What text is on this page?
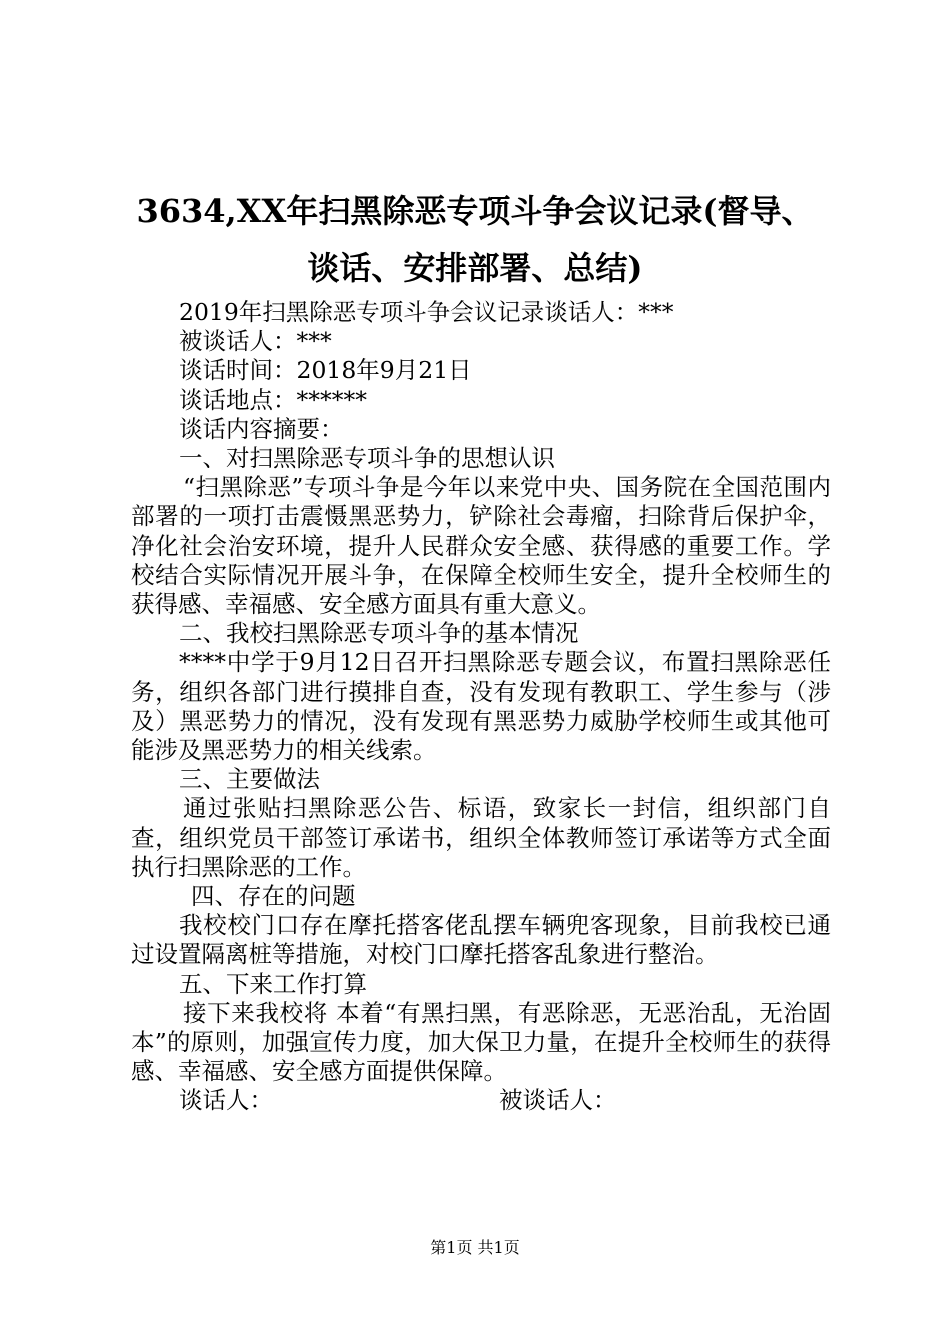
3634,XX年扫黑除恶专项斗争会议记录(督导、
谈话、安排部署、总结)
2019年扫黑除恶专项斗争会议记录谈话人：***
被谈话人：***
谈话时间：2018年9月21日
谈话地点：******
谈话内容摘要：
一、对扫黑除恶专项斗争的思想认识
“扫黑除恶”专项斗争是今年以来党中央、国务院在全国范围内部署的一项打击震慑黑恶势力，铲除社会毒瘤，扫除背后保护伞，净化社会治安环境，提升人民群众安全感、获得感的重要工作。学校结合实际情况开展斗争，在保障全校师生安全，提升全校师生的获得感、幸福感、安全感方面具有重大意义。
二、我校扫黑除恶专项斗争的基本情况
****中学于9月12日召开扫黑除恶专题会议，布置扫黑除恶任务，组织各部门进行摸排自查，没有发现有教职工、学生参与（涉及）黑恶势力的情况，没有发现有黑恶势力威胁学校师生或其他可能涉及黑恶势力的相关线索。
三、主要做法
通过张贴扫黑除恶公告、标语，致家长一封信，组织部门自查，组织党员干部签订承诺书，组织全体教师签订承诺等方式全面执行扫黑除恶的工作。
四、存在的问题
我校校门口存在摩托搭客佬乱摆车辆兜客现象，目前我校已通过设置隔离桩等措施，对校门口摩托搭客乱象进行整治。
五、下来工作打算
接下来我校将 本着“有黑扫黑，有恶除恶，无恶治乱，无治固本”的原则，加强宣传力度，加大保卫力量，在提升全校师生的获得感、幸福感、安全感方面提供保障。
谈话人：	被谈话人：
第1页 共1页
